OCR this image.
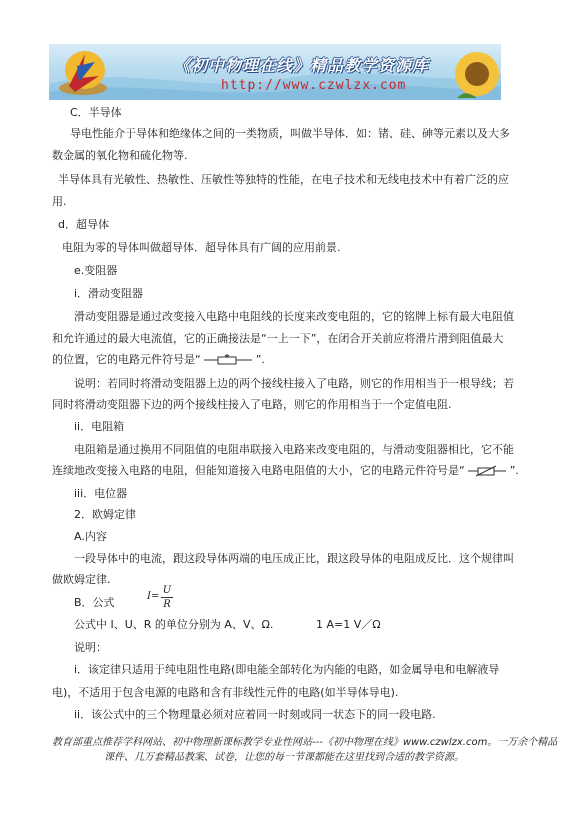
《初中物理在线》精品教学资源库
http://www.czwlzx.com
C．半导体
导电性能介于导体和绝缘体之间的一类物质，叫做半导体．如：锗、硅、砷等元素以及大多
数金属的氧化物和硫化物等.
半导体具有光敏性、热敏性、压敏性等独特的性能，在电子技术和无线电技术中有着广泛的应
用.
d．超导体
电阻为零的导体叫做超导体．超导体具有广阔的应用前景.
e.变阻器
i．滑动变阻器
滑动变阻器是通过改变接入电路中电阻线的长度来改变电阻的，它的铭牌上标有最大电阻值
和允许通过的最大电流值，它的正确接法是“一上一下”，在闭合开关前应将滑片滑到阻值最大
的位置，它的电路元件符号是“	”.
说明：若同时将滑动变阻器上边的两个接线柱接入了电路，则它的作用相当于一根导线；若
同时将滑动变阻器下边的两个接线柱接入了电路，则它的作用相当于一个定值电阻.
ii．电阻箱
电阻箱是通过换用不同阻值的电阻串联接入电路来改变电阻的，与滑动变阻器相比，它不能
连续地改变接入电路的电阻，但能知道接入电路电阻值的大小，它的电路元件符号是“	”.
iii．电位器
2．欧姆定律
A.内容
一段导体中的电流，跟这段导体两端的电压成正比，跟这段导体的电阻成反比．这个规律叫
做欧姆定律.
B．公式	I=
U
R
公式中 I、U、R 的单位分别为 A、V、Ω.	1 A=1 V／Ω
说明：
i．该定律只适用于纯电阻性电路(即电能全部转化为内能的电路，如金属导电和电解液导
电)，不适用于包含电源的电路和含有非线性元件的电路(如半导体导电).
ii．该公式中的三个物理量必须对应着同一时刻或同一状态下的同一段电路.
教育部重点推荐学科网站、初中物理新课标教学专业性网站---《初中物理在线》www.czwlzx.com。一万余个精品
课件、几万套精品教案、试卷，让您的每一节课都能在这里找到合适的教学资源。
